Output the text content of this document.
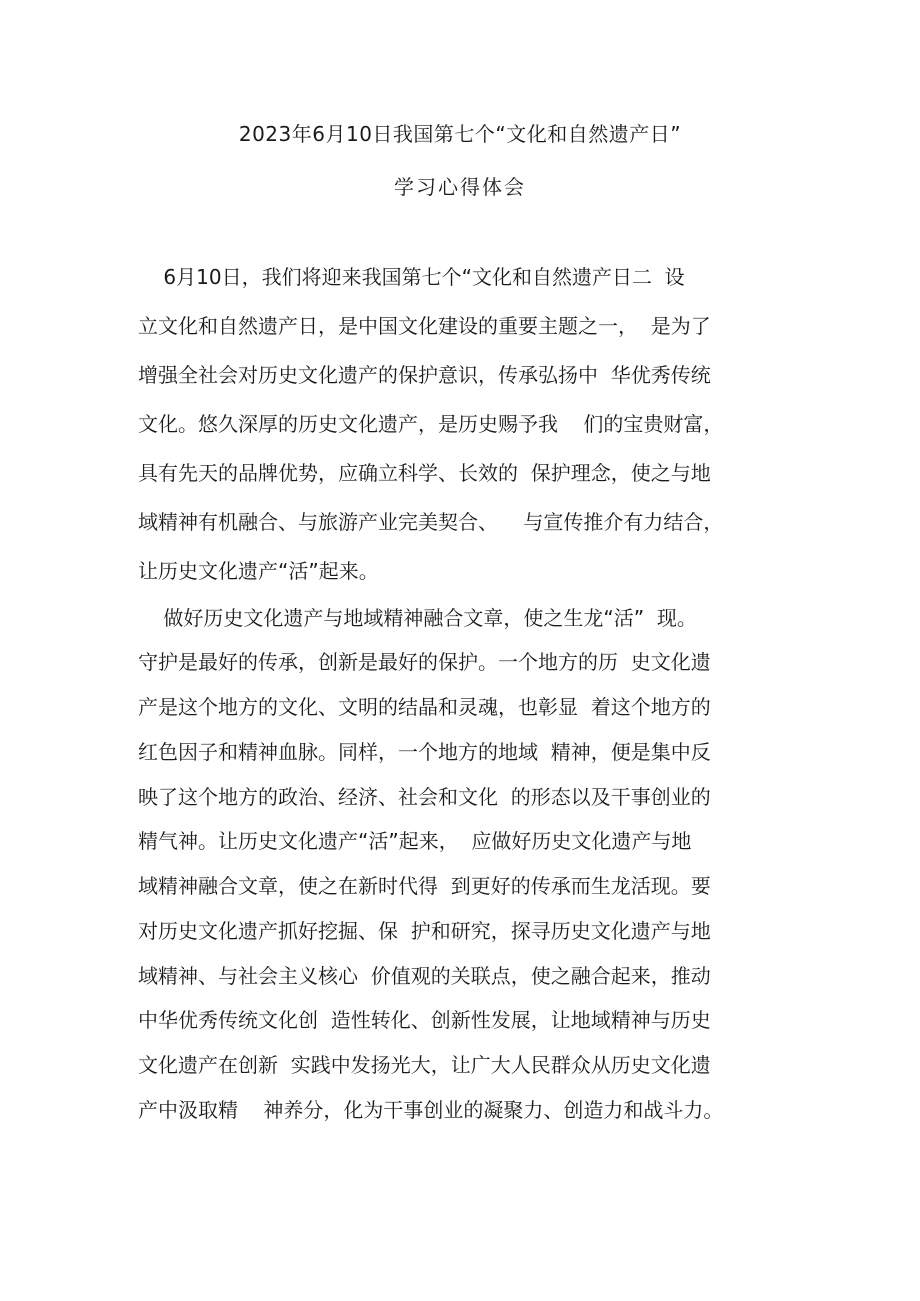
2023年6月10日我国第七个“文化和自然遗产日”
学习心得体会
6月10日，我们将迎来我国第七个“文化和自然遗产日二  设
立文化和自然遗产日，是中国文化建设的重要主题之一，  是为了
增强全社会对历史文化遗产的保护意识，传承弘扬中  华优秀传统
文化。悠久深厚的历史文化遗产，是历史赐予我    们的宝贵财富，
具有先天的品牌优势，应确立科学、长效的  保护理念，使之与地
域精神有机融合、与旅游产业完美契合、    与宣传推介有力结合，
让历史文化遗产“活”起来。
做好历史文化遗产与地域精神融合文章，使之生龙“活”  现。
守护是最好的传承，创新是最好的保护。一个地方的历  史文化遗
产是这个地方的文化、文明的结晶和灵魂，也彰显  着这个地方的
红色因子和精神血脉。同样，一个地方的地域  精神，便是集中反
映了这个地方的政治、经济、社会和文化  的形态以及干事创业的
精气神。让历史文化遗产“活”起来，  应做好历史文化遗产与地
域精神融合文章，使之在新时代得  到更好的传承而生龙活现。要
对历史文化遗产抓好挖掘、保  护和研究，探寻历史文化遗产与地
域精神、与社会主义核心  价值观的关联点，使之融合起来，推动
中华优秀传统文化创  造性转化、创新性发展，让地域精神与历史
文化遗产在创新  实践中发扬光大，让广大人民群众从历史文化遗
产中汲取精    神养分，化为干事创业的凝聚力、创造力和战斗力。
